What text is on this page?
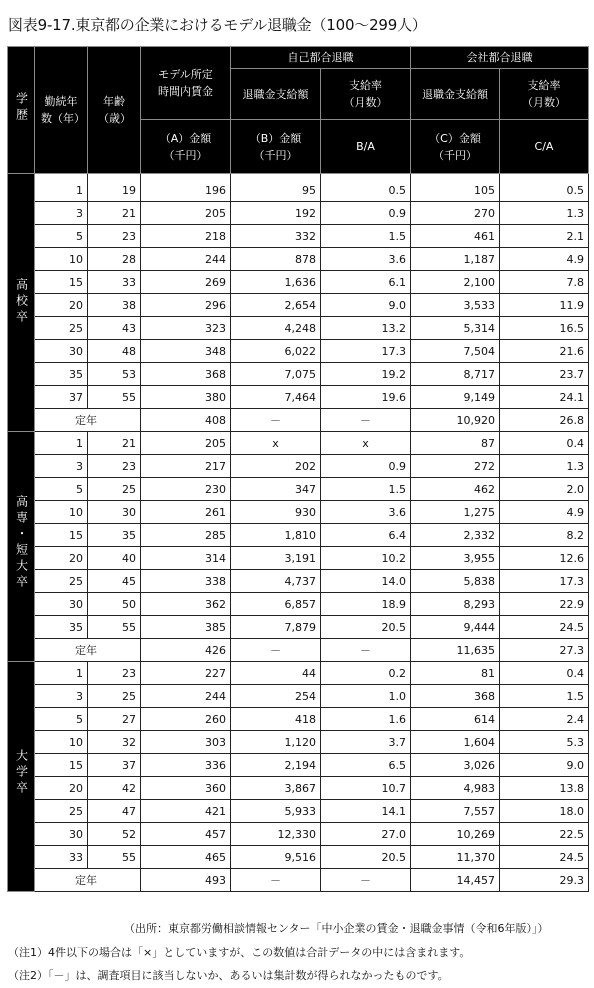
図表9-17.東京都の企業におけるモデル退職金（100～299人）
学歴	勤続年数（年）	年齢（歳）	モデル所定時間内賃金	自己都合退職		会社都合退職	
				退職金支給額	支給率（月数）	退職金支給額	支給率（月数）
			（A）金額（千円）	（B）金額（千円）	B/A	（C）金額（千円）	C/A
高校卒	1	19	196	95	0.5	105	0.5
	3	21	205	192	0.9	270	1.3
	5	23	218	332	1.5	461	2.1
	10	28	244	878	3.6	1,187	4.9
	15	33	269	1,636	6.1	2,100	7.8
	20	38	296	2,654	9.0	3,533	11.9
	25	43	323	4,248	13.2	5,314	16.5
	30	48	348	6,022	17.3	7,504	21.6
	35	53	368	7,075	19.2	8,717	23.7
	37	55	380	7,464	19.6	9,149	24.1
	定年		408	－	－	10,920	26.8
高専・短大卒	1	21	205	x	x	87	0.4
	3	23	217	202	0.9	272	1.3
	5	25	230	347	1.5	462	2.0
	10	30	261	930	3.6	1,275	4.9
	15	35	285	1,810	6.4	2,332	8.2
	20	40	314	3,191	10.2	3,955	12.6
	25	45	338	4,737	14.0	5,838	17.3
	30	50	362	6,857	18.9	8,293	22.9
	35	55	385	7,879	20.5	9,444	24.5
	定年		426	－	－	11,635	27.3
大学卒	1	23	227	44	0.2	81	0.4
	3	25	244	254	1.0	368	1.5
	5	27	260	418	1.6	614	2.4
	10	32	303	1,120	3.7	1,604	5.3
	15	37	336	2,194	6.5	3,026	9.0
	20	42	360	3,867	10.7	4,983	13.8
	25	47	421	5,933	14.1	7,557	18.0
	30	52	457	12,330	27.0	10,269	22.5
	33	55	465	9,516	20.5	11,370	24.5
	定年		493	－	－	14,457	29.3
（出所：東京都労働相談情報センター「中小企業の賃金・退職金事情（令和6年版）」）
（注1）4件以下の場合は「×」としていますが、この数値は合計データの中には含まれます。
（注2）「－」は、調査項目に該当しないか、あるいは集計数が得られなかったものです。
